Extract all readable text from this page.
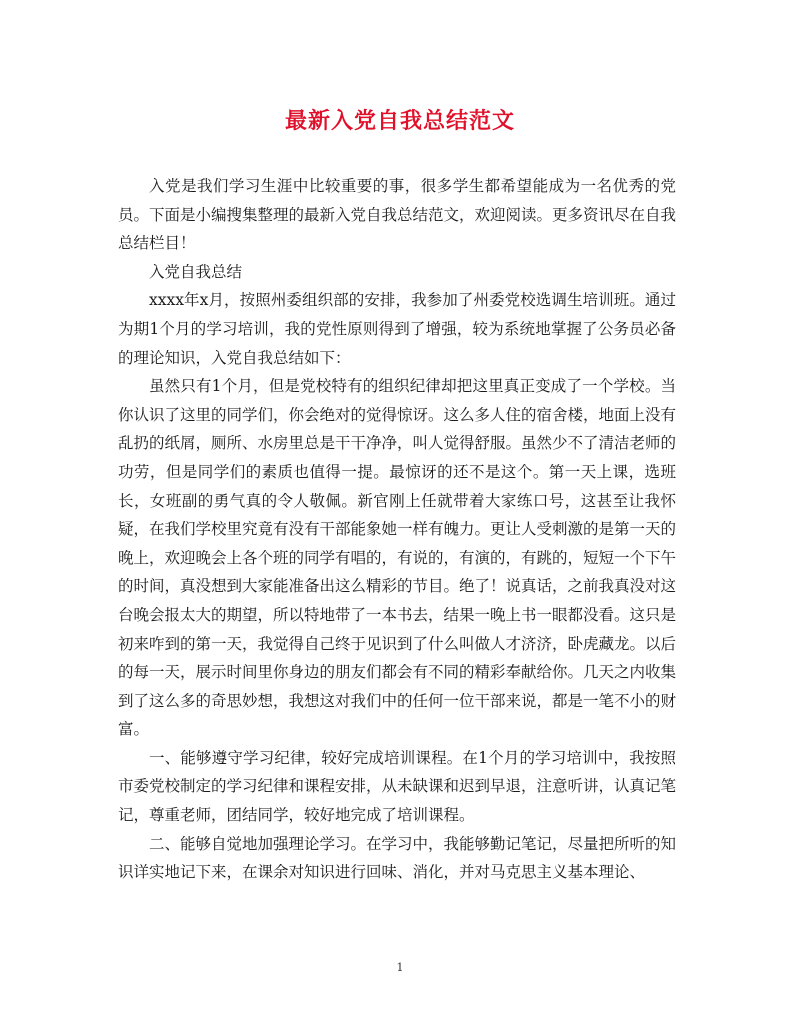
最新入党自我总结范文

入党是我们学习生涯中比较重要的事，很多学生都希望能成为一名优秀的党员。下面是小编搜集整理的最新入党自我总结范文，欢迎阅读。更多资讯尽在自我总结栏目！

入党自我总结

xxxx年x月，按照州委组织部的安排，我参加了州委党校选调生培训班。通过为期1个月的学习培训，我的党性原则得到了增强，较为系统地掌握了公务员必备的理论知识，入党自我总结如下：

虽然只有1个月，但是党校特有的组织纪律却把这里真正变成了一个学校。当你认识了这里的同学们，你会绝对的觉得惊讶。这么多人住的宿舍楼，地面上没有乱扔的纸屑，厕所、水房里总是干干净净，叫人觉得舒服。虽然少不了清洁老师的功劳，但是同学们的素质也值得一提。最惊讶的还不是这个。第一天上课，选班长，女班副的勇气真的令人敬佩。新官刚上任就带着大家练口号，这甚至让我怀疑，在我们学校里究竟有没有干部能象她一样有魄力。更让人受刺激的是第一天的晚上，欢迎晚会上各个班的同学有唱的，有说的，有演的，有跳的，短短一个下午的时间，真没想到大家能准备出这么精彩的节目。绝了！说真话，之前我真没对这台晚会报太大的期望，所以特地带了一本书去，结果一晚上书一眼都没看。这只是初来咋到的第一天，我觉得自己终于见识到了什么叫做人才济济，卧虎藏龙。以后的每一天，展示时间里你身边的朋友们都会有不同的精彩奉献给你。几天之内收集到了这么多的奇思妙想，我想这对我们中的任何一位干部来说，都是一笔不小的财富。

一、能够遵守学习纪律，较好完成培训课程。在1个月的学习培训中，我按照市委党校制定的学习纪律和课程安排，从未缺课和迟到早退，注意听讲，认真记笔记，尊重老师，团结同学，较好地完成了培训课程。

二、能够自觉地加强理论学习。在学习中，我能够勤记笔记，尽量把所听的知识详实地记下来，在课余对知识进行回味、消化，并对马克思主义基本理论、

1
